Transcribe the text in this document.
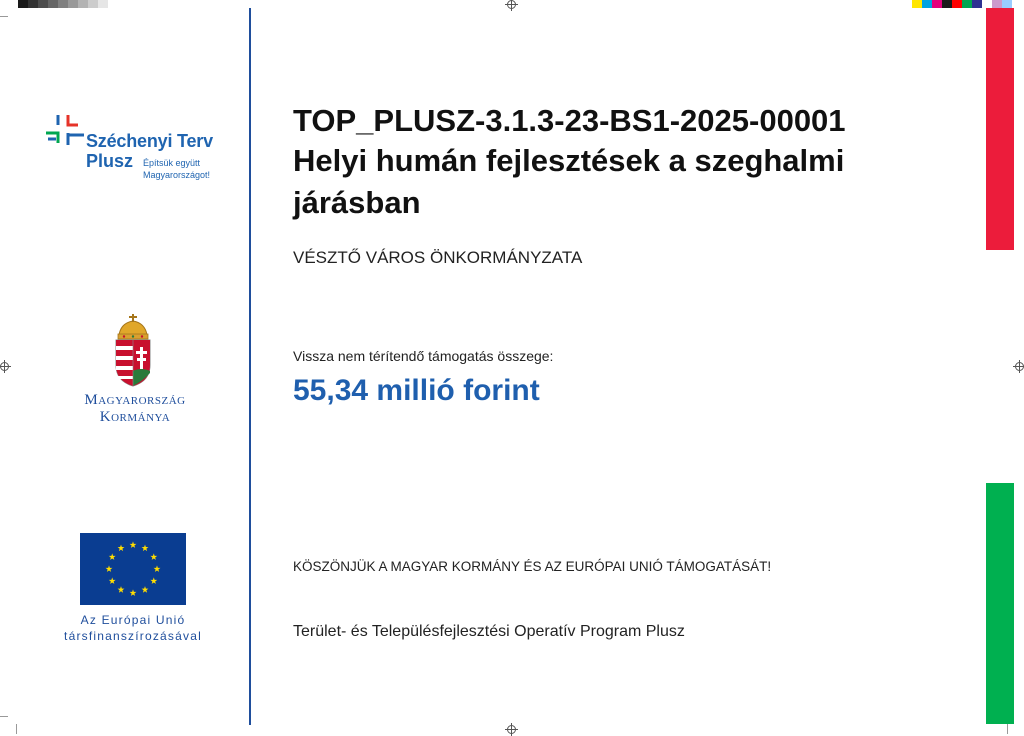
Széchenyi Terv
Plusz Építsük együtt
Magyarországot!
Magyarország
Kormánya
Az Európai Unió
társfinanszírozásával
TOP_PLUSZ-3.1.3-23-BS1-2025-00001
Helyi humán fejlesztések a szeghalmi járásban
VÉSZTŐ VÁROS ÖNKORMÁNYZATA
Vissza nem térítendő támogatás összege:
55,34 millió forint
KÖSZÖNJÜK A MAGYAR KORMÁNY ÉS AZ EURÓPAI UNIÓ TÁMOGATÁSÁT!
Terület- és Településfejlesztési Operatív Program Plusz
